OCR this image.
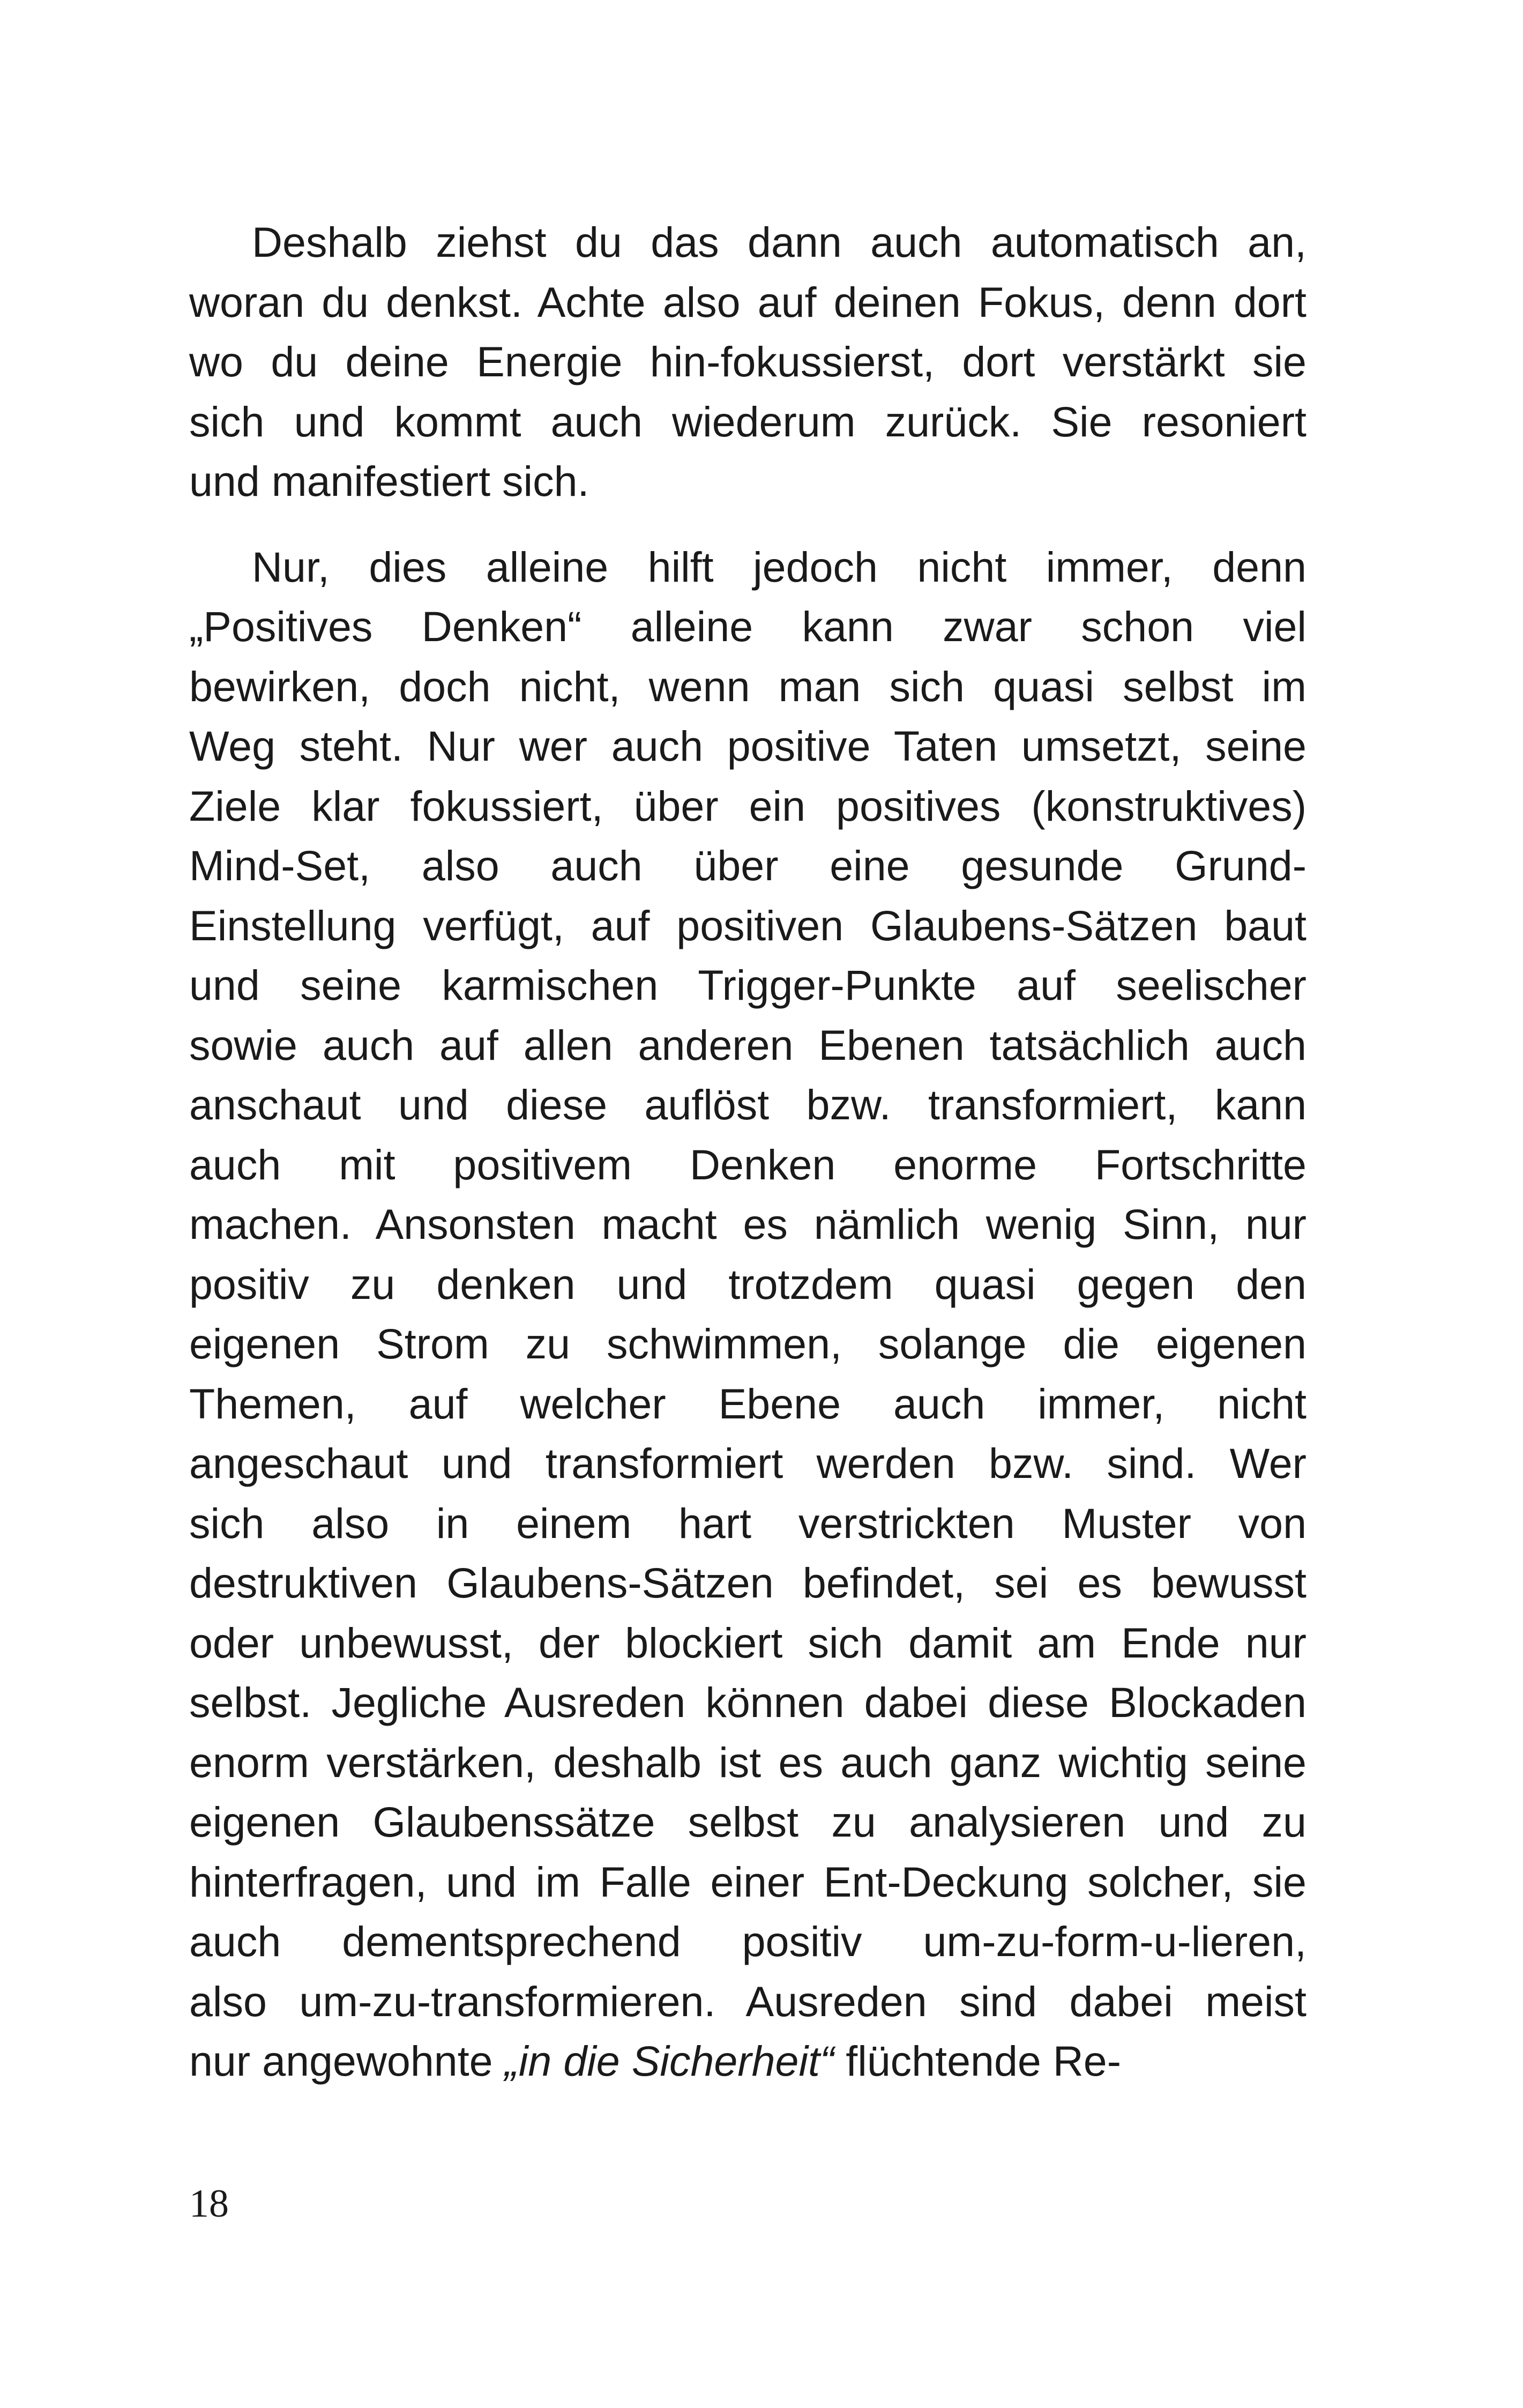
Deshalb ziehst du das dann auch automatisch an,
woran du denkst. Achte also auf deinen Fokus, denn dort
wo du deine Energie hin-fokussierst, dort verstärkt sie
sich und kommt auch wiederum zurück. Sie resoniert
und manifestiert sich.
Nur, dies alleine hilft jedoch nicht immer, denn
„Positives Denken“ alleine kann zwar schon viel
bewirken, doch nicht, wenn man sich quasi selbst im
Weg steht. Nur wer auch positive Taten umsetzt, seine
Ziele klar fokussiert, über ein positives (konstruktives)
Mind-Set, also auch über eine gesunde Grund-
Einstellung verfügt, auf positiven Glaubens-Sätzen baut
und seine karmischen Trigger-Punkte auf seelischer
sowie auch auf allen anderen Ebenen tatsächlich auch
anschaut und diese auflöst bzw. transformiert, kann
auch mit positivem Denken enorme Fortschritte
machen. Ansonsten macht es nämlich wenig Sinn, nur
positiv zu denken und trotzdem quasi gegen den
eigenen Strom zu schwimmen, solange die eigenen
Themen, auf welcher Ebene auch immer, nicht
angeschaut und transformiert werden bzw. sind. Wer
sich also in einem hart verstrickten Muster von
destruktiven Glaubens-Sätzen befindet, sei es bewusst
oder unbewusst, der blockiert sich damit am Ende nur
selbst. Jegliche Ausreden können dabei diese Blockaden
enorm verstärken, deshalb ist es auch ganz wichtig seine
eigenen Glaubenssätze selbst zu analysieren und zu
hinterfragen, und im Falle einer Ent-Deckung solcher, sie
auch dementsprechend positiv um-zu-form-u-lieren,
also um-zu-transformieren. Ausreden sind dabei meist
nur angewohnte „in die Sicherheit“ flüchtende Re-
18
